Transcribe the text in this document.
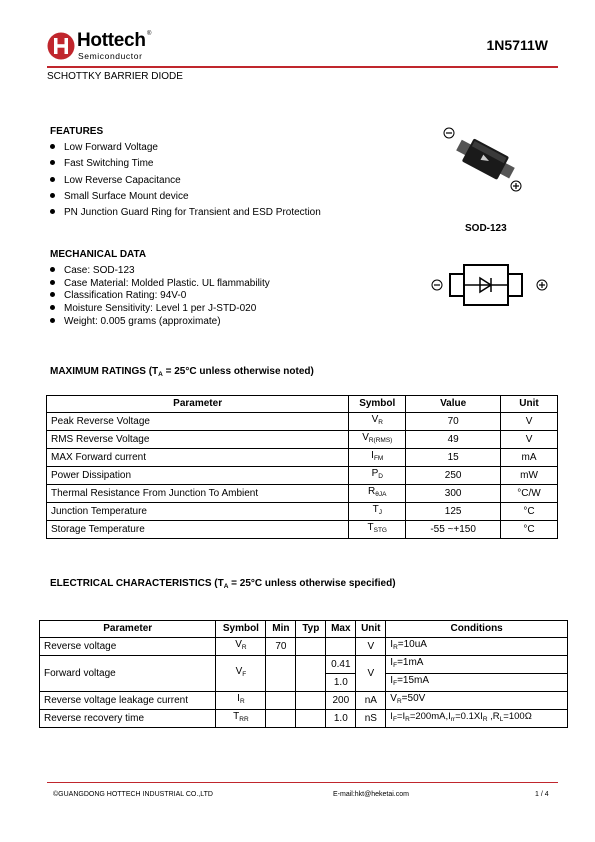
Hottech ®
Semiconductor
1N5711W
SCHOTTKY BARRIER DIODE
FEATURES
Low Forward Voltage
Fast Switching Time
Low Reverse Capacitance
Small Surface Mount device
PN Junction Guard Ring for Transient and ESD Protection
SOD-123
MECHANICAL DATA
Case: SOD-123
Case Material: Molded Plastic. UL flammability
Classification Rating: 94V-0
Moisture Sensitivity: Level 1 per J-STD-020
Weight: 0.005 grams (approximate)
MAXIMUM RATINGS ($T_A = 25^\circ C$ unless otherwise noted)
Parameter	Symbol	Value	Unit
Peak Reverse Voltage	$V_R$	70	V
RMS Reverse Voltage	$V_{R(RMS)}$	49	V
MAX Forward current	$I_{FM}$	15	mA
Power Dissipation	$P_D$	250	mW
Thermal Resistance From Junction To Ambient	$R_{\theta JA}$	300	°C/W
Junction Temperature	$T_J$	125	°C
Storage Temperature	$T_{STG}$	-55 ~+150	°C
ELECTRICAL CHARACTERISTICS ($T_A = 25^\circ C$ unless otherwise specified)
Parameter	Symbol	Min	Typ	Max	Unit	Conditions
Reverse voltage	$V_R$	70			V	$I_R=10uA$
Forward voltage	$V_F$			0.41	V	$I_F=1mA$
				1.0		$I_F=15mA$
Reverse voltage leakage current	$I_R$			200	nA	$V_R=50V$
Reverse recovery time	$T_{RR}$			1.0	nS	$I_F=I_R=200mA,I_{rr}=0.1XI_R$ $,R_L=100\Omega$
©GUANGDONG HOTTECH INDUSTRIAL CO.,LTD	E-mail:hkt@heketai.com	1 / 4
